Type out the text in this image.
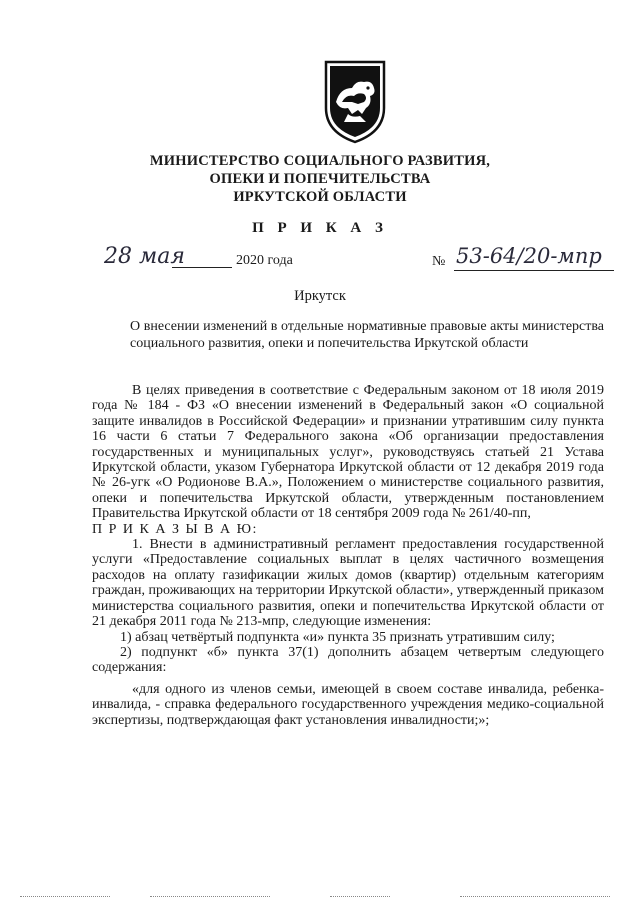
МИНИСТЕРСТВО СОЦИАЛЬНОГО РАЗВИТИЯ,
ОПЕКИ И ПОПЕЧИТЕЛЬСТВА
ИРКУТСКОЙ ОБЛАСТИ
П Р И К А З
28 мая	2020 года	№ 53-64/20-мпр
Иркутск
О внесении изменений в отдельные нормативные правовые акты министерства социального развития, опеки и попечительства Иркутской области

В целях приведения в соответствие с Федеральным законом от 18 июля 2019 года № 184 - ФЗ «О внесении изменений в Федеральный закон «О социальной защите инвалидов в Российской Федерации» и признании утратившим силу пункта 16 части 6 статьи 7 Федерального закона «Об организации предоставления государственных и муниципальных услуг», руководствуясь статьей 21 Устава Иркутской области, указом Губернатора Иркутской области от 12 декабря 2019 года № 26-угк «О Родионове В.А.», Положением о министерстве социального развития, опеки и попечительства Иркутской области, утвержденным постановлением Правительства Иркутской области от 18 сентября 2009 года № 261/40-пп,

П Р И К А З Ы В А Ю:

1. Внести в административный регламент предоставления государственной услуги «Предоставление социальных выплат в целях частичного возмещения расходов на оплату газификации жилых домов (квартир) отдельным категориям граждан, проживающих на территории Иркутской области», утвержденный приказом министерства социального развития, опеки и попечительства Иркутской области от 21 декабря 2011 года № 213-мпр, следующие изменения:

1) абзац четвёртый подпункта «и» пункта 35 признать утратившим силу;

2) подпункт «б» пункта 37(1) дополнить абзацем четвертым следующего содержания:

«для одного из членов семьи, имеющей в своем составе инвалида, ребенка-инвалида, - справка федерального государственного учреждения медико-социальной экспертизы, подтверждающая факт установления инвалидности;»;
